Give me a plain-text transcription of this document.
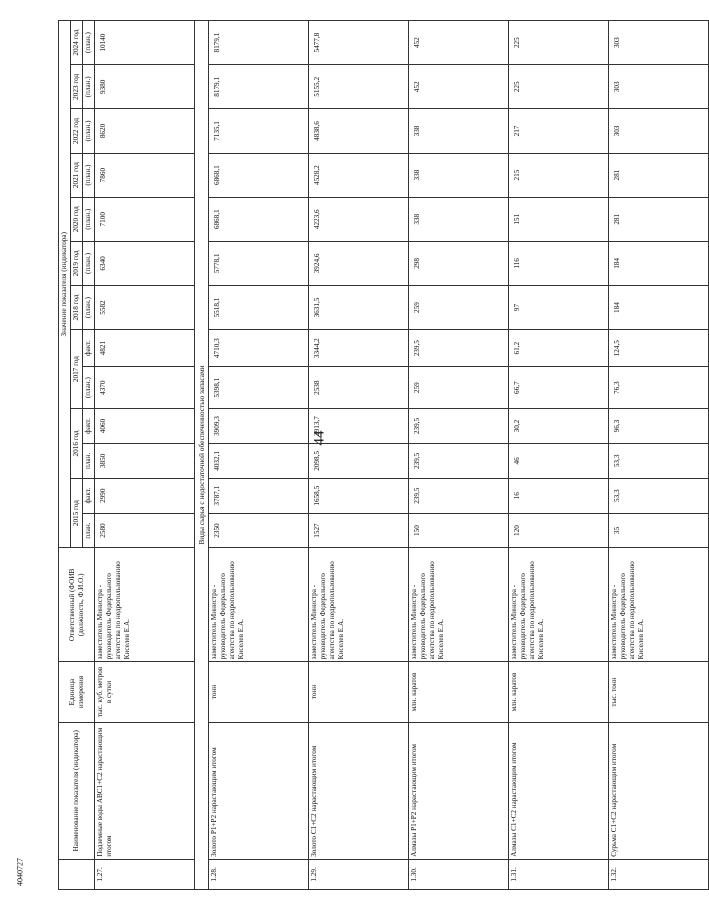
44
4040727
	Наименование показателя (индикатора)	Единица измерения	Ответственный (ФОИВ (должность, Ф.И.О.)	Значение показателя (индикатора)												
				2015 год		2016 год		2017 год		2018 год	2019 год	2020 год	2021 год	2022 год	2023 год	2024 год
				план.	факт.	план.	факт.	(план.)	факт.	(план.)	(план.)	(план.)	(план.)	(план.)	(план.)	(план.)
1.27.	Подземные воды АВС1+С2 нарастающим итогом	тыс. куб. метров в сутки	заместитель Министра - руководитель Федерального агентства по недропользованию Киселев Е.А.	2580	2990	3850	4060	4370	4821	5582	6340	7100	7860	8620	9380	10140
Виды сырья с недостаточной обеспеченностью запасами																
1.28.	Золото Р1+Р2 нарастающим итогом	тонн	заместитель Министра - руководитель Федерального агентства по недропользованию Киселев Е.А.	2350	3787,1	4032,1	3909,3	5398,1	4710,3	5518,1	5778,1	6868,1	6868,1	7135,1	8179,1	8179,1
1.29.	Золото С1+С2 нарастающим итогом	тонн	заместитель Министра - руководитель Федерального агентства по недропользованию Киселев Е.А.	1527	1658,5	2098,5	2913,7	2538	3344,2	3631,5	3924,6	4223,6	4528,2	4838,6	5155,2	5477,8
1.30.	Алмазы Р1+Р2 нарастающим итогом	млн. каратов	заместитель Министра - руководитель Федерального агентства по недропользованию Киселев Е.А.	150	239,5	239,5	239,5	259	239,5	259	298	338	338	338	452	452
1.31.	Алмазы С1+С2 нарастающим итогом	млн. каратов	заместитель Министра - руководитель Федерального агентства по недропользованию Киселев Е.А.	120	16	46	30,2	66,7	61,2	97	116	151	215	217	225	225
1.32.	Сурьма С1+С2 нарастающим итогом	тыс. тонн	заместитель Министра - руководитель Федерального агентства по недропользованию Киселев Е.А.	35	53,3	53,3	96,3	76,3	124,5	184	184	281	281	303	303	303
